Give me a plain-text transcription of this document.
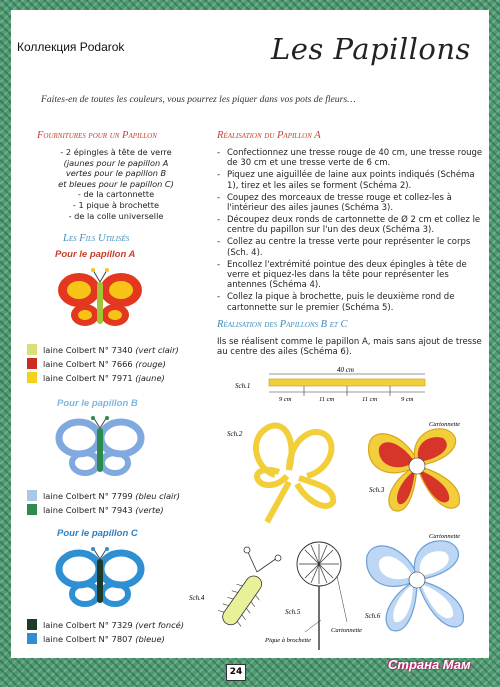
Коллекция Podarok	Les Papillons
Faites-en de toutes les couleurs, vous pourrez les piquer dans vos pots de fleurs…
Fournitures pour un Papillon
- 2 épingles à tête de verre
(jaunes pour le papillon A
vertes pour le papillon B
et bleues pour le papillon C)
- de la cartonnette
- 1 pique à brochette
- de la colle universelle
Les Fils Utilisés
Pour le papillon A
laine Colbert N° 7340
(vert clair)
laine Colbert N° 7666
(rouge)
laine Colbert N° 7971
(jaune)
Pour le papillon B
laine Colbert N° 7799
(bleu clair)
laine Colbert N° 7943
(verte)
Pour le papillon C
laine Colbert N° 7329
(vert foncé)
laine Colbert N° 7807
(bleue)
Réalisation du Papillon A
- Confectionnez une tresse rouge de 40 cm, une tresse rouge de 30 cm et une tresse verte de 6 cm.
- Piquez une aiguillée de laine aux points indiqués (Schéma 1), tirez et les ailes se forment (Schéma 2).
- Coupez des morceaux de tresse rouge et collez-les à l'intérieur des ailes jaunes (Schéma 3).
- Découpez deux ronds de cartonnette de Ø 2 cm et collez le centre du papillon sur l'un des deux (Schéma 3).
- Collez au centre la tresse verte pour représenter le corps (Sch. 4).
- Encollez l'extrémité pointue des deux épingles à tête de verre et piquez-les dans la tête pour représenter les antennes (Schéma 4).
- Collez la pique à brochette, puis le deuxième rond de cartonnette sur le premier (Schéma 5).
Réalisation des Papillons B et C
Ils se réalisent comme le papillon A, mais sans ajout de tresse au centre des ailes (Schéma 6).
Sch.1
40 cm
9 cm	11 cm	11 cm	9 cm
Sch.2
Cartonnette
Sch.3
Sch.4
Sch.5
Pique à brochette
Cartonnette
Cartonnette
Sch.6
24	Страна Мам
